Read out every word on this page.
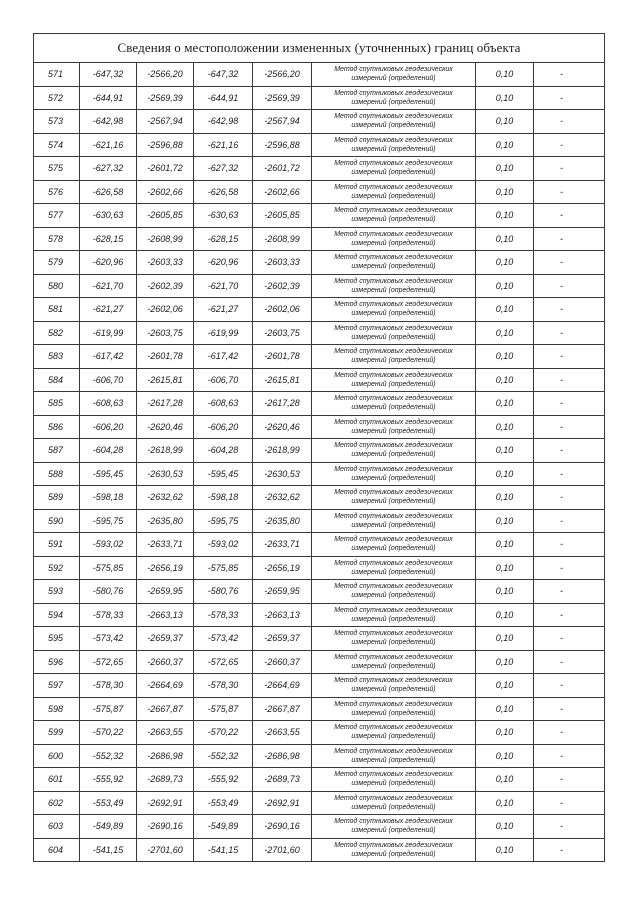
Сведения о местоположении измененных (уточненных) границ объекта							
571	-647,32	-2566,20	-647,32	-2566,20	Метод спутниковых геодезических
измерений (определений)	0,10	-
572	-644,91	-2569,39	-644,91	-2569,39	Метод спутниковых геодезических
измерений (определений)	0,10	-
573	-642,98	-2567,94	-642,98	-2567,94	Метод спутниковых геодезических
измерений (определений)	0,10	-
574	-621,16	-2596,88	-621,16	-2596,88	Метод спутниковых геодезических
измерений (определений)	0,10	-
575	-627,32	-2601,72	-627,32	-2601,72	Метод спутниковых геодезических
измерений (определений)	0,10	-
576	-626,58	-2602,66	-626,58	-2602,66	Метод спутниковых геодезических
измерений (определений)	0,10	-
577	-630,63	-2605,85	-630,63	-2605,85	Метод спутниковых геодезических
измерений (определений)	0,10	-
578	-628,15	-2608,99	-628,15	-2608,99	Метод спутниковых геодезических
измерений (определений)	0,10	-
579	-620,96	-2603,33	-620,96	-2603,33	Метод спутниковых геодезических
измерений (определений)	0,10	-
580	-621,70	-2602,39	-621,70	-2602,39	Метод спутниковых геодезических
измерений (определений)	0,10	-
581	-621,27	-2602,06	-621,27	-2602,06	Метод спутниковых геодезических
измерений (определений)	0,10	-
582	-619,99	-2603,75	-619,99	-2603,75	Метод спутниковых геодезических
измерений (определений)	0,10	-
583	-617,42	-2601,78	-617,42	-2601,78	Метод спутниковых геодезических
измерений (определений)	0,10	-
584	-606,70	-2615,81	-606,70	-2615,81	Метод спутниковых геодезических
измерений (определений)	0,10	-
585	-608,63	-2617,28	-608,63	-2617,28	Метод спутниковых геодезических
измерений (определений)	0,10	-
586	-606,20	-2620,46	-606,20	-2620,46	Метод спутниковых геодезических
измерений (определений)	0,10	-
587	-604,28	-2618,99	-604,28	-2618,99	Метод спутниковых геодезических
измерений (определений)	0,10	-
588	-595,45	-2630,53	-595,45	-2630,53	Метод спутниковых геодезических
измерений (определений)	0,10	-
589	-598,18	-2632,62	-598,18	-2632,62	Метод спутниковых геодезических
измерений (определений)	0,10	-
590	-595,75	-2635,80	-595,75	-2635,80	Метод спутниковых геодезических
измерений (определений)	0,10	-
591	-593,02	-2633,71	-593,02	-2633,71	Метод спутниковых геодезических
измерений (определений)	0,10	-
592	-575,85	-2656,19	-575,85	-2656,19	Метод спутниковых геодезических
измерений (определений)	0,10	-
593	-580,76	-2659,95	-580,76	-2659,95	Метод спутниковых геодезических
измерений (определений)	0,10	-
594	-578,33	-2663,13	-578,33	-2663,13	Метод спутниковых геодезических
измерений (определений)	0,10	-
595	-573,42	-2659,37	-573,42	-2659,37	Метод спутниковых геодезических
измерений (определений)	0,10	-
596	-572,65	-2660,37	-572,65	-2660,37	Метод спутниковых геодезических
измерений (определений)	0,10	-
597	-578,30	-2664,69	-578,30	-2664,69	Метод спутниковых геодезических
измерений (определений)	0,10	-
598	-575,87	-2667,87	-575,87	-2667,87	Метод спутниковых геодезических
измерений (определений)	0,10	-
599	-570,22	-2663,55	-570,22	-2663,55	Метод спутниковых геодезических
измерений (определений)	0,10	-
600	-552,32	-2686,98	-552,32	-2686,98	Метод спутниковых геодезических
измерений (определений)	0,10	-
601	-555,92	-2689,73	-555,92	-2689,73	Метод спутниковых геодезических
измерений (определений)	0,10	-
602	-553,49	-2692,91	-553,49	-2692,91	Метод спутниковых геодезических
измерений (определений)	0,10	-
603	-549,89	-2690,16	-549,89	-2690,16	Метод спутниковых геодезических
измерений (определений)	0,10	-
604	-541,15	-2701,60	-541,15	-2701,60	Метод спутниковых геодезических
измерений (определений)	0,10	-
